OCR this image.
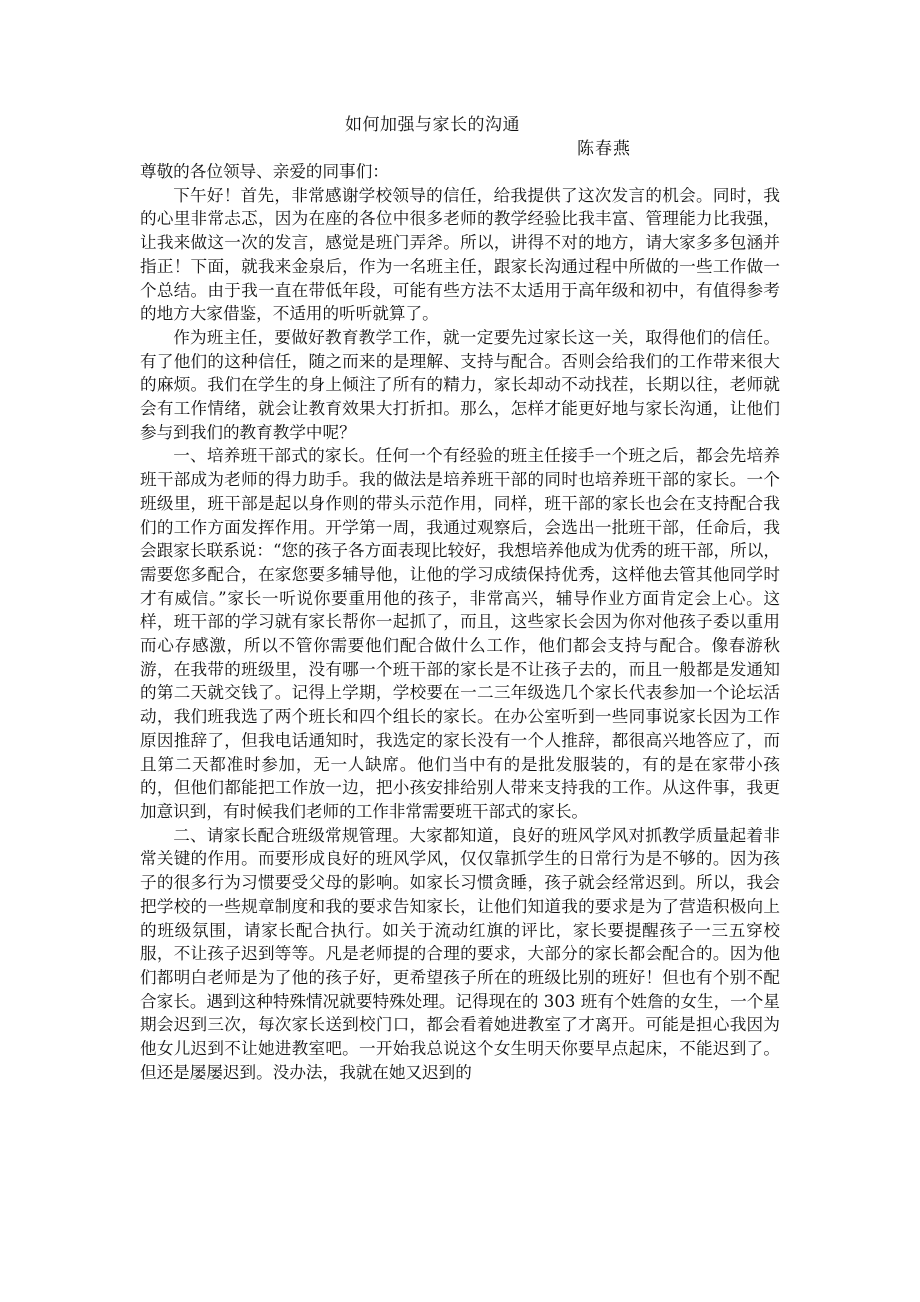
如何加强与家长的沟通
陈春燕

尊敬的各位领导、亲爱的同事们：

下午好！首先，非常感谢学校领导的信任，给我提供了这次发言的机会。同时，我的心里非常忐忑，因为在座的各位中很多老师的教学经验比我丰富、管理能力比我强，让我来做这一次的发言，感觉是班门弄斧。所以，讲得不对的地方，请大家多多包涵并指正！下面，就我来金泉后，作为一名班主任，跟家长沟通过程中所做的一些工作做一个总结。由于我一直在带低年段，可能有些方法不太适用于高年级和初中，有值得参考的地方大家借鉴，不适用的听听就算了。

作为班主任，要做好教育教学工作，就一定要先过家长这一关，取得他们的信任。有了他们的这种信任，随之而来的是理解、支持与配合。否则会给我们的工作带来很大的麻烦。我们在学生的身上倾注了所有的精力，家长却动不动找茬，长期以往，老师就会有工作情绪，就会让教育效果大打折扣。那么，怎样才能更好地与家长沟通，让他们参与到我们的教育教学中呢？

一、培养班干部式的家长。任何一个有经验的班主任接手一个班之后，都会先培养班干部成为老师的得力助手。我的做法是培养班干部的同时也培养班干部的家长。一个班级里，班干部是起以身作则的带头示范作用，同样，班干部的家长也会在支持配合我们的工作方面发挥作用。开学第一周，我通过观察后，会选出一批班干部，任命后，我会跟家长联系说：“您的孩子各方面表现比较好，我想培养他成为优秀的班干部，所以，需要您多配合，在家您要多辅导他，让他的学习成绩保持优秀，这样他去管其他同学时才有威信。”家长一听说你要重用他的孩子，非常高兴，辅导作业方面肯定会上心。这样，班干部的学习就有家长帮你一起抓了，而且，这些家长会因为你对他孩子委以重用而心存感激，所以不管你需要他们配合做什么工作，他们都会支持与配合。像春游秋游，在我带的班级里，没有哪一个班干部的家长是不让孩子去的，而且一般都是发通知的第二天就交钱了。记得上学期，学校要在一二三年级选几个家长代表参加一个论坛活动，我们班我选了两个班长和四个组长的家长。在办公室听到一些同事说家长因为工作原因推辞了，但我电话通知时，我选定的家长没有一个人推辞，都很高兴地答应了，而且第二天都准时参加，无一人缺席。他们当中有的是批发服装的，有的是在家带小孩的，但他们都能把工作放一边，把小孩安排给别人带来支持我的工作。从这件事，我更加意识到，有时候我们老师的工作非常需要班干部式的家长。

二、请家长配合班级常规管理。大家都知道，良好的班风学风对抓教学质量起着非常关键的作用。而要形成良好的班风学风，仅仅靠抓学生的日常行为是不够的。因为孩子的很多行为习惯要受父母的影响。如家长习惯贪睡，孩子就会经常迟到。所以，我会把学校的一些规章制度和我的要求告知家长，让他们知道我的要求是为了营造积极向上的班级氛围，请家长配合执行。如关于流动红旗的评比，家长要提醒孩子一三五穿校服，不让孩子迟到等等。凡是老师提的合理的要求，大部分的家长都会配合的。因为他们都明白老师是为了他的孩子好，更希望孩子所在的班级比别的班好！但也有个别不配合家长。遇到这种特殊情况就要特殊处理。记得现在的 303 班有个姓詹的女生，一个星期会迟到三次，每次家长送到校门口，都会看着她进教室了才离开。可能是担心我因为他女儿迟到不让她进教室吧。一开始我总说这个女生明天你要早点起床，不能迟到了。但还是屡屡迟到。没办法，我就在她又迟到的
